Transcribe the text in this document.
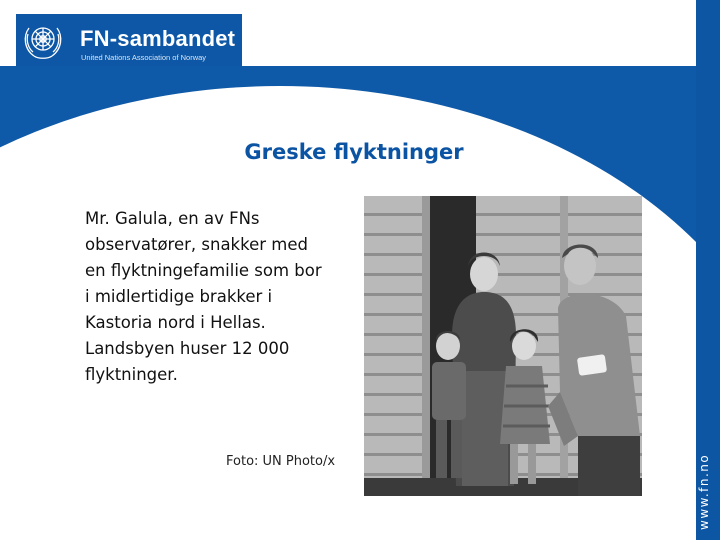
FN-sambandet
United Nations Association of Norway
Greske flyktninger

Mr. Galula, en av FNs

observatører, snakker med

en flyktningefamilie som bor

i midlertidige brakker i

Kastoria nord i Hellas.

Landsbyen huser 12 000

flyktninger.

Foto: UN Photo/x	www.fn.no
